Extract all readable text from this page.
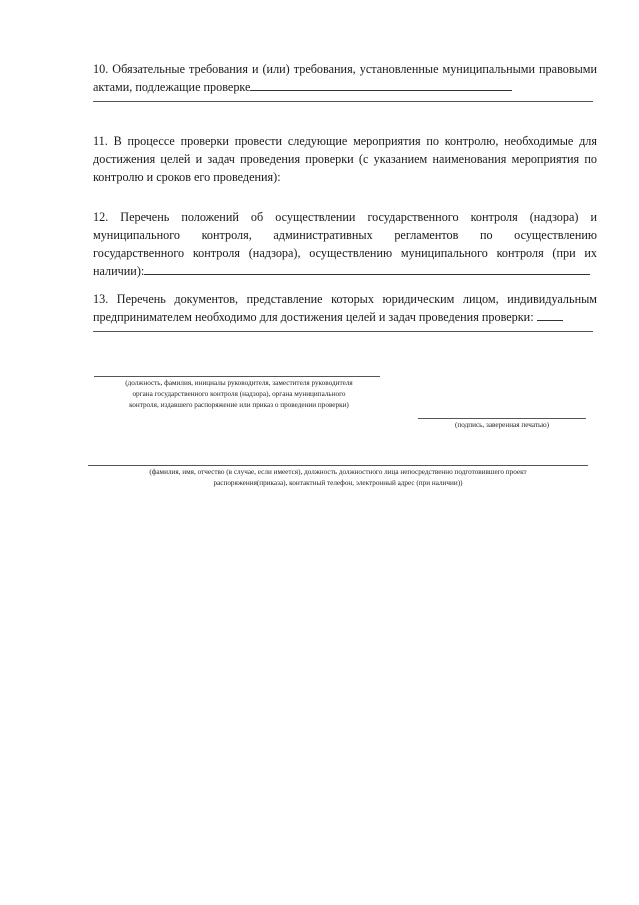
10. Обязательные требования и (или) требования, установленные муниципальными правовыми актами, подлежащие проверке

11. В процессе проверки провести следующие мероприятия по контролю, необходимые для достижения целей и задач проведения проверки (с указанием наименования мероприятия по контролю и сроков его проведения):

12. Перечень положений об осуществлении государственного контроля (надзора) и муниципального контроля, административных регламентов по осуществлению государственного контроля (надзора), осуществлению муниципального контроля (при их наличии):

13. Перечень документов, представление которых юридическим лицом, индивидуальным предпринимателем необходимо для достижения целей и задач проведения проверки:

(должность, фамилия, инициалы руководителя, заместителя руководителя
органа государственного контроля (надзора), органа муниципального
контроля, издавшего распоряжение или приказ о проведении проверки)

(подпись, заверенная печатью)

(фамилия, имя, отчество (в случае, если имеется), должность должностного лица непосредственно подготовившего проект
распоряжения(приказа), контактный телефон, электронный адрес (при наличии))
